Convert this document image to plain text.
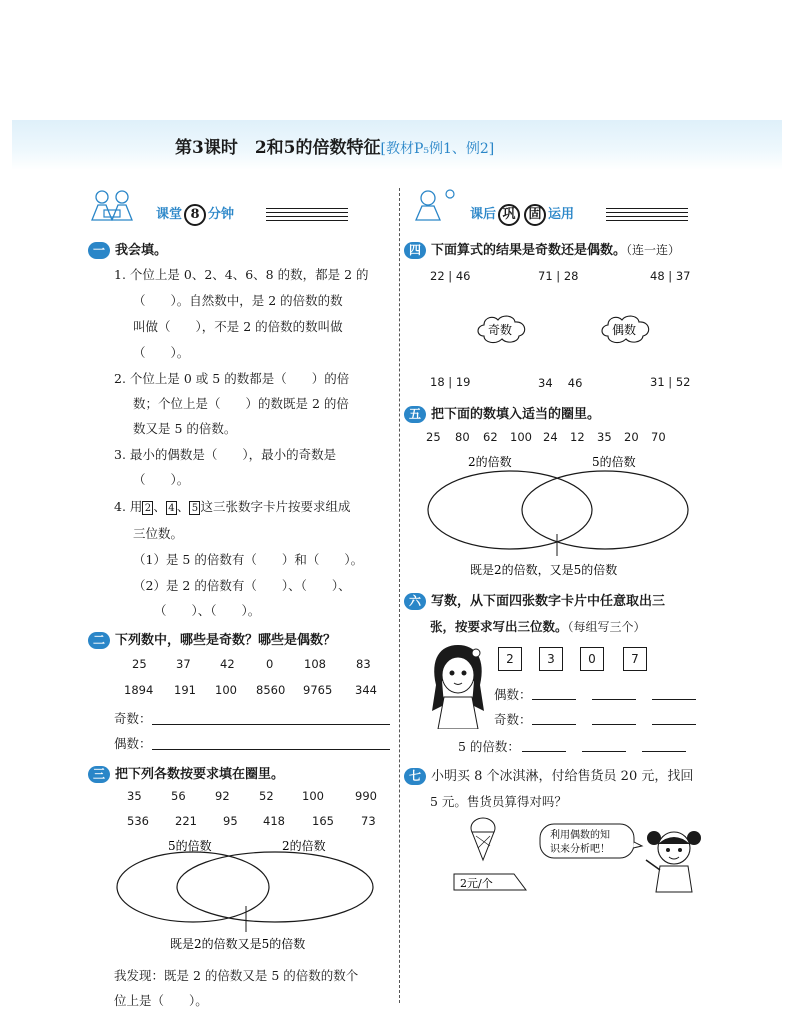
第3课时　2和5的倍数特征[教材P₅例1、例2]
课堂 8 分钟
一 我会填。
1. 个位上是 0、2、4、6、8 的数，都是 2 的
（　　）。自然数中，是 2 的倍数的数
叫做（　　），不是 2 的倍数的数叫做
（　　）。
2. 个位上是 0 或 5 的数都是（　　）的倍
数；个位上是（　　）的数既是 2 的倍
数又是 5 的倍数。
3. 最小的偶数是（　　），最小的奇数是
（　　）。
4. 用 2 、 4 、 5 这三张数字卡片按要求组成
三位数。
（1）是 5 的倍数有（　　）和（　　）。
（2）是 2 的倍数有（　　）、（　　）、
（　　）、（　　）。
二 下列数中，哪些是奇数？哪些是偶数？
25	37	42	0	108	83
1894 191 100 8560 9765 344
奇数：
偶数：
三 把下列各数按要求填在圈里。
35	56	92	52 100	990
536 221 95 418 165 73
5的倍数	2的倍数
既是2的倍数又是5的倍数
我发现：既是 2 的倍数又是 5 的倍数的数个
位上是（　　）。
课后 巩 固 运用
四 下面算式的结果是奇数还是偶数。（连一连）
22 | 46	71 | 28	48 | 37
奇数	偶数
18 | 19	34 　46	31 | 52
五 把下面的数填入适当的圈里。
25 80 62 100 24 12 35 20 70
2的倍数	5的倍数
既是2的倍数，又是5的倍数
六 写数，从下面四张数字卡片中任意取出三
张，按要求写出三位数。（每组写三个）
2	3	0	7
偶数：
奇数：
5 的倍数：
七 小明买 8 个冰淇淋，付给售货员 20 元，找回
5 元。售货员算得对吗？
2元/个
利用偶数的知
识来分析吧！
